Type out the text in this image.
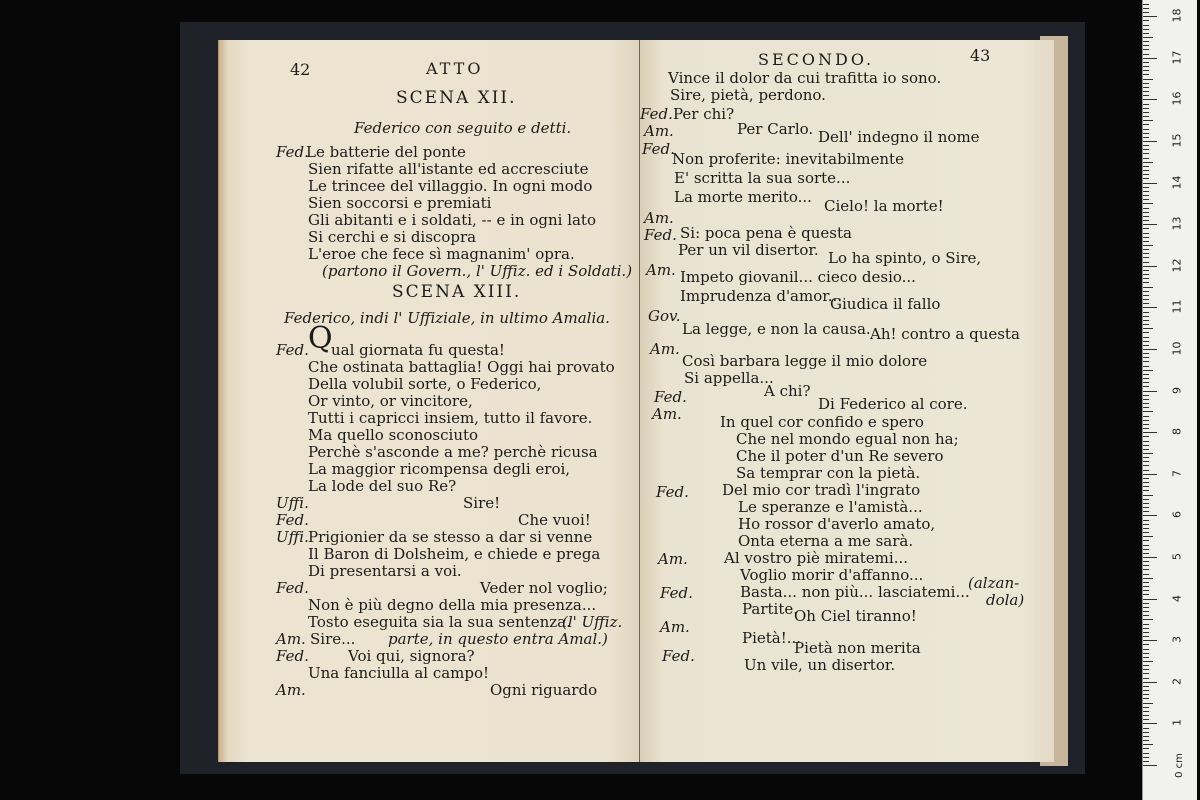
42	ATTO
SCENA XII.
Federico con seguito e detti.
Fed.
Le batterie del ponte
Sien rifatte all'istante ed accresciute
Le trincee del villaggio. In ogni modo
Sien soccorsi e premiati
Gli abitanti e i soldati, -- e in ogni lato
Si cerchi e si discopra
L'eroe che fece sì magnanim' opra.
(partono il Govern., l' Uffiz. ed i Soldati.)
SCENA XIII.
Federico, indi l' Uffiziale, in ultimo Amalia.
Fed. Q
ual giornata fu questa!
Che ostinata battaglia! Oggi hai provato
Della volubil sorte, o Federico,
Or vinto, or vincitore,
Tutti i capricci insiem, tutto il favore.
Ma quello sconosciuto
Perchè s'asconde a me? perchè ricusa
La maggior ricompensa degli eroi,
La lode del suo Re?
Uffi.	Sire!
Fed.	Che vuoi!
Uffi. Prigionier da se stesso a dar si venne
Il Baron di Dolsheim, e chiede e prega
Di presentarsi a voi.
Fed.	Veder nol voglio;
Non è più degno della mia presenza...
Tosto eseguita sia la sua sentenza.
(l' Uffiz.
Am. Sire... parte, in questo entra Amal.)
Fed.	Voi qui, signora?
Una fanciulla al campo!
Am.	Ogni riguardo
SECONDO.	43
Vince il dolor da cui trafitta io sono.
Sire, pietà, perdono.
Fed. Per chi?
Am.	Per Carlo.
Fed.
Dell' indegno il nome
Non proferite: inevitabilmente
E' scritta la sua sorte...
La morte merito...
Am.
Cielo! la morte!
Fed. Si: poca pena è questa
Per un vil disertor.
Am.
Lo ha spinto, o Sire,
Impeto giovanil... cieco desio...
Imprudenza d'amor...
Gov.
Giudica il fallo
La legge, e non la causa.
Am.
Ah! contro a questa
Così barbara legge il mio dolore
Si appella...
Fed.	A chi?
Am.
Di Federico al core.
In quel cor confido e spero
Che nel mondo egual non ha;
Che il poter d'un Re severo
Sa temprar con la pietà.
Fed. Del mio cor tradì l'ingrato
Le speranze e l'amistà...
Ho rossor d'averlo amato,
Onta eterna a me sarà.
Am. Al vostro piè miratemi...
Voglio morir d'affanno...
Fed.	Basta... non più... lasciatemi...
(alzan-
dola)
Partite.
Am.
Oh Ciel tiranno!
Pietà!...
Fed.	Pietà non merita
Un vile, un disertor.
0 cm
1
2
3
4
5
6
7
8
9
10
11
12
13
14
15
16
17
18
